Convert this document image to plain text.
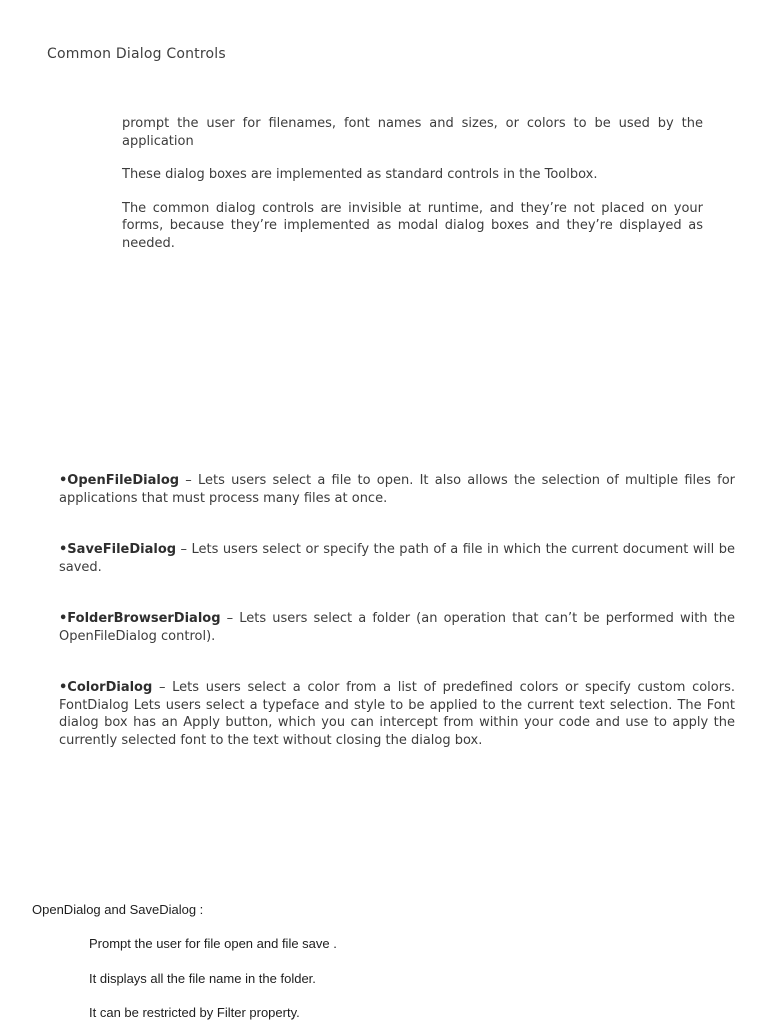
Common Dialog Controls

prompt the user for filenames, font names and sizes, or colors to be used by the application

These dialog boxes are implemented as standard controls in the Toolbox.

The common dialog controls are invisible at runtime, and they’re not placed on your forms, because they’re implemented as modal dialog boxes and they’re displayed as needed.

•OpenFileDialog – Lets users select a file to open. It also allows the selection of multiple files for applications that must process many files at once.

•SaveFileDialog – Lets users select or specify the path of a file in which the current document will be saved.

•FolderBrowserDialog – Lets users select a folder (an operation that can’t be performed with the OpenFileDialog control).

•ColorDialog – Lets users select a color from a list of predefined colors or specify custom colors. FontDialog Lets users select a typeface and style to be applied to the current text selection. The Font dialog box has an Apply button, which you can intercept from within your code and use to apply the currently selected font to the text without closing the dialog box.

OpenDialog and SaveDialog :
Prompt the user for file open and file save .
It displays all the file name in the folder.
It can be restricted by Filter property.
